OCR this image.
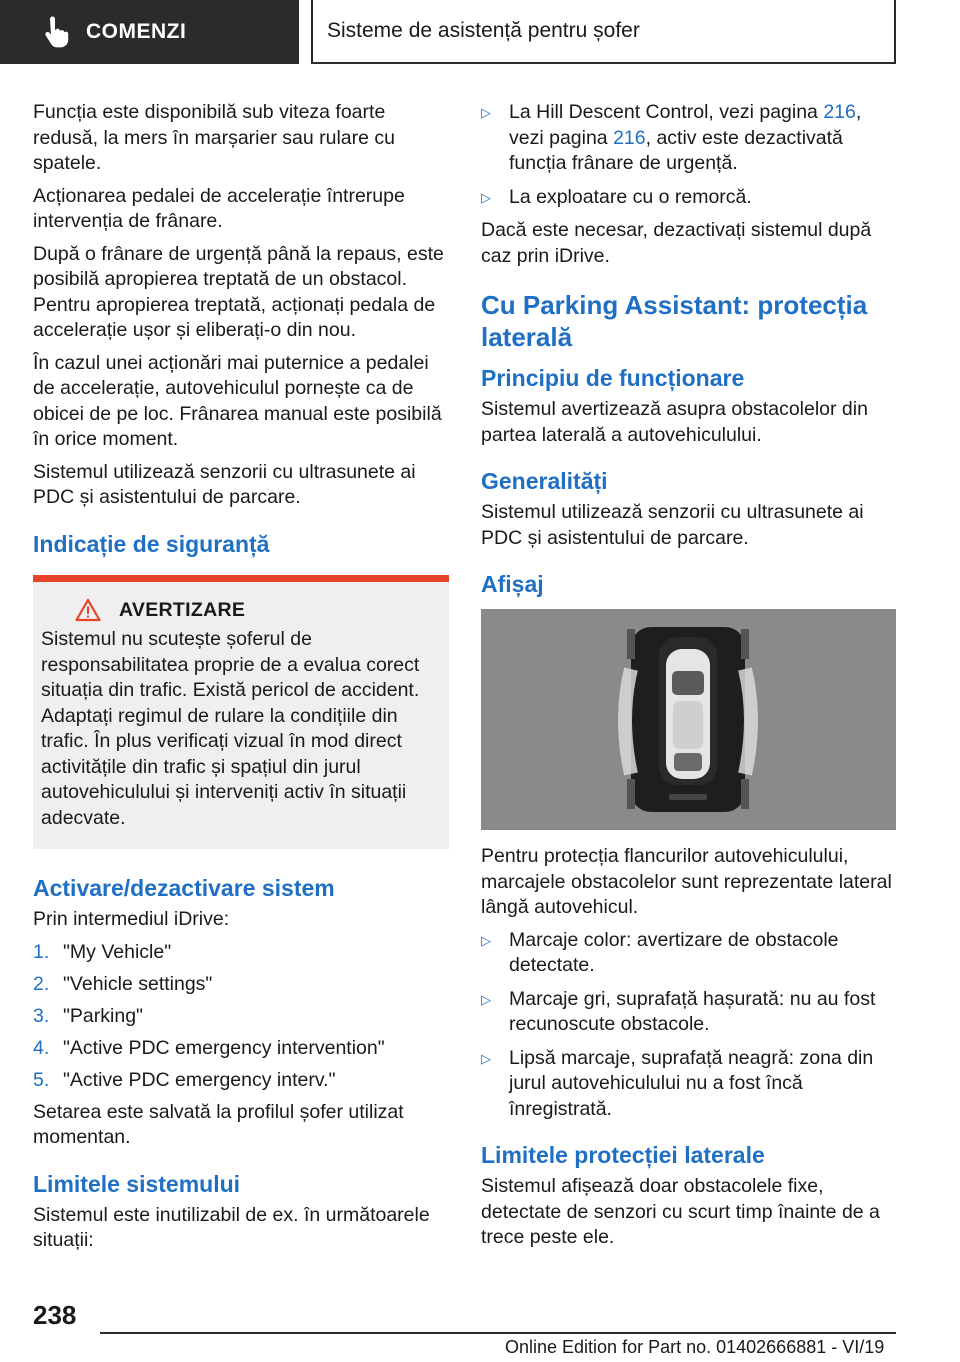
COMENZI	Sisteme de asistență pentru șofer

Funcția este disponibilă sub viteza foarte redusă, la mers în marșarier sau rulare cu spatele.

Acționarea pedalei de accelerație întrerupe intervenția de frânare.

După o frânare de urgență până la repaus, este posibilă apropierea treptată de un obstacol. Pentru apropierea treptată, acționați pedala de accelerație ușor și eliberați-o din nou.

În cazul unei acționări mai puternice a pedalei de accelerație, autovehiculul pornește ca de obicei de pe loc. Frânarea manual este posibilă în orice moment.

Sistemul utilizează senzorii cu ultrasunete ai PDC și asistentului de parcare.

Indicație de siguranță
AVERTIZARE

Sistemul nu scutește șoferul de responsabilitatea proprie de a evalua corect situația din trafic. Există pericol de accident. Adaptați regimul de rulare la condițiile din trafic. În plus verificați vizual în mod direct activitățile din trafic și spațiul din jurul autovehiculului și interveniți activ în situații adecvate.

Activare/dezactivare sistem

Prin intermediul iDrive:

1. "My Vehicle"
2. "Vehicle settings"
3. "Parking"
4. "Active PDC emergency intervention"
5. "Active PDC emergency interv."

Setarea este salvată la profilul șofer utilizat momentan.

Limitele sistemului

Sistemul este inutilizabil de ex. în următoarele situații:

▷ La Hill Descent Control, vezi pagina 216, vezi pagina 216, activ este dezactivată funcția frânare de urgență.
▷ La exploatare cu o remorcă.

Dacă este necesar, dezactivați sistemul după caz prin iDrive.

Cu Parking Assistant: protecția laterală
Principiu de funcționare

Sistemul avertizează asupra obstacolelor din partea laterală a autovehiculului.

Generalități

Sistemul utilizează senzorii cu ultrasunete ai PDC și asistentului de parcare.

Afișaj

Pentru protecția flancurilor autovehiculului, marcajele obstacolelor sunt reprezentate lateral lângă autovehicul.

▷ Marcaje color: avertizare de obstacole detectate.
▷ Marcaje gri, suprafață hașurată: nu au fost recunoscute obstacole.
▷ Lipsă marcaje, suprafață neagră: zona din jurul autovehiculului nu a fost încă înregistrată.
Limitele protecției laterale

Sistemul afișează doar obstacolele fixe, detectate de senzori cu scurt timp înainte de a trece peste ele.

238
Online Edition for Part no. 01402666881 - VI/19
